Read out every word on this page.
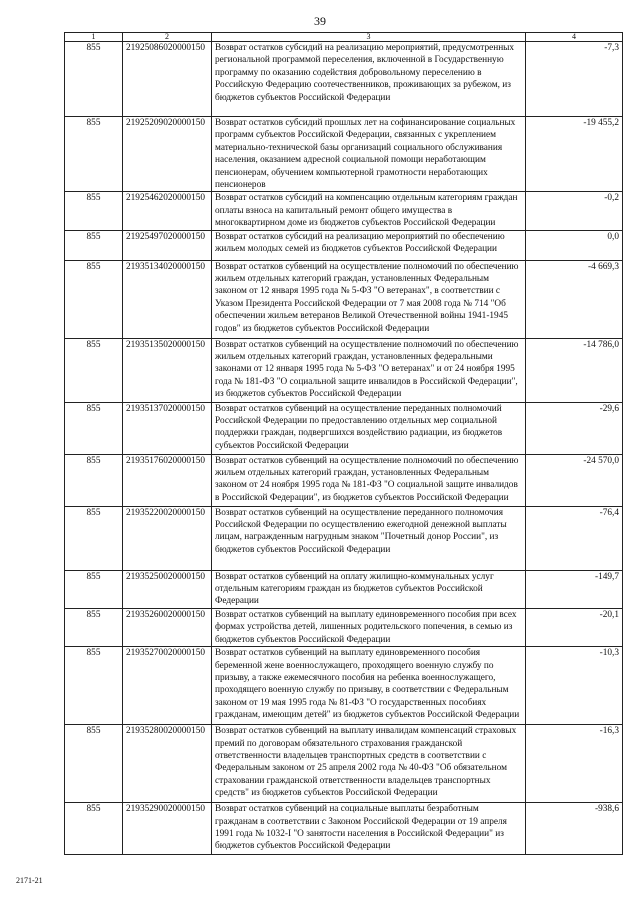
39
1	2	3	4
855	21925086020000150	Возврат остатков субсидий на реализацию мероприятий, предусмотренных региональной программой переселения, включенной в Государственную программу по оказанию содействия добровольному переселению в Российскую Федерацию соотечественников, проживающих за рубежом, из бюджетов субъектов Российской Федерации	-7,3
855	21925209020000150	Возврат остатков субсидий прошлых лет на софинансирование социальных программ субъектов Российской Федерации, связанных с укреплением материально-технической базы организаций социального обслуживания населения, оказанием адресной социальной помощи неработающим пенсионерам, обучением компьютерной грамотности неработающих пенсионеров	-19 455,2
855	21925462020000150	Возврат остатков субсидий на компенсацию отдельным категориям граждан оплаты взноса на капитальный ремонт общего имущества в многоквартирном доме из бюджетов субъектов Российской Федерации	-0,2
855	21925497020000150	Возврат остатков субсидий на реализацию мероприятий по обеспечению жильем молодых семей из бюджетов субъектов Российской Федерации	0,0
855	21935134020000150	Возврат остатков субвенций на осуществление полномочий по обеспечению жильем отдельных категорий граждан, установленных Федеральным законом от 12 января 1995 года № 5-ФЗ "О ветеранах", в соответствии с Указом Президента Российской Федерации от 7 мая 2008 года № 714 "Об обеспечении жильем ветеранов Великой Отечественной войны 1941-1945 годов" из бюджетов субъектов Российской Федерации	-4 669,3
855	21935135020000150	Возврат остатков субвенций на осуществление полномочий по обеспечению жильем отдельных категорий граждан, установленных федеральными законами от 12 января 1995 года № 5-ФЗ "О ветеранах" и от 24 ноября 1995 года № 181-ФЗ "О социальной защите инвалидов в Российской Федерации", из бюджетов субъектов Российской Федерации	-14 786,0
855	21935137020000150	Возврат остатков субвенций на осуществление переданных полномочий Российской Федерации по предоставлению отдельных мер социальной поддержки граждан, подвергшихся воздействию радиации, из бюджетов субъектов Российской Федерации	-29,6
855	21935176020000150	Возврат остатков субвенций на осуществление полномочий по обеспечению жильем отдельных категорий граждан, установленных Федеральным законом от 24 ноября 1995 года № 181-ФЗ "О социальной защите инвалидов в Российской Федерации", из бюджетов субъектов Российской Федерации	-24 570,0
855	21935220020000150	Возврат остатков субвенций на осуществление переданного полномочия Российской Федерации по осуществлению ежегодной денежной выплаты лицам, награжденным нагрудным знаком "Почетный донор России", из бюджетов субъектов Российской Федерации	-76,4
855	21935250020000150	Возврат остатков субвенций на оплату жилищно-коммунальных услуг отдельным категориям граждан из бюджетов субъектов Российской Федерации	-149,7
855	21935260020000150	Возврат остатков субвенций на выплату единовременного пособия при всех формах устройства детей, лишенных родительского попечения, в семью из бюджетов субъектов Российской Федерации	-20,1
855	21935270020000150	Возврат остатков субвенций на выплату единовременного пособия беременной жене военнослужащего, проходящего военную службу по призыву, а также ежемесячного пособия на ребенка военнослужащего, проходящего военную службу по призыву, в соответствии с Федеральным законом от 19 мая 1995 года № 81-ФЗ "О государственных пособиях гражданам, имеющим детей" из бюджетов субъектов Российской Федерации	-10,3
855	21935280020000150	Возврат остатков субвенций на выплату инвалидам компенсаций страховых премий по договорам обязательного страхования гражданской ответственности владельцев транспортных средств в соответствии с Федеральным законом от 25 апреля 2002 года № 40-ФЗ "Об обязательном страховании гражданской ответственности владельцев транспортных средств" из бюджетов субъектов Российской Федерации	-16,3
855	21935290020000150	Возврат остатков субвенций на социальные выплаты безработным гражданам в соответствии с Законом Российской Федерации от 19 апреля 1991 года № 1032-I "О занятости населения в Российской Федерации" из бюджетов субъектов Российской Федерации	-938,6
2171-21
